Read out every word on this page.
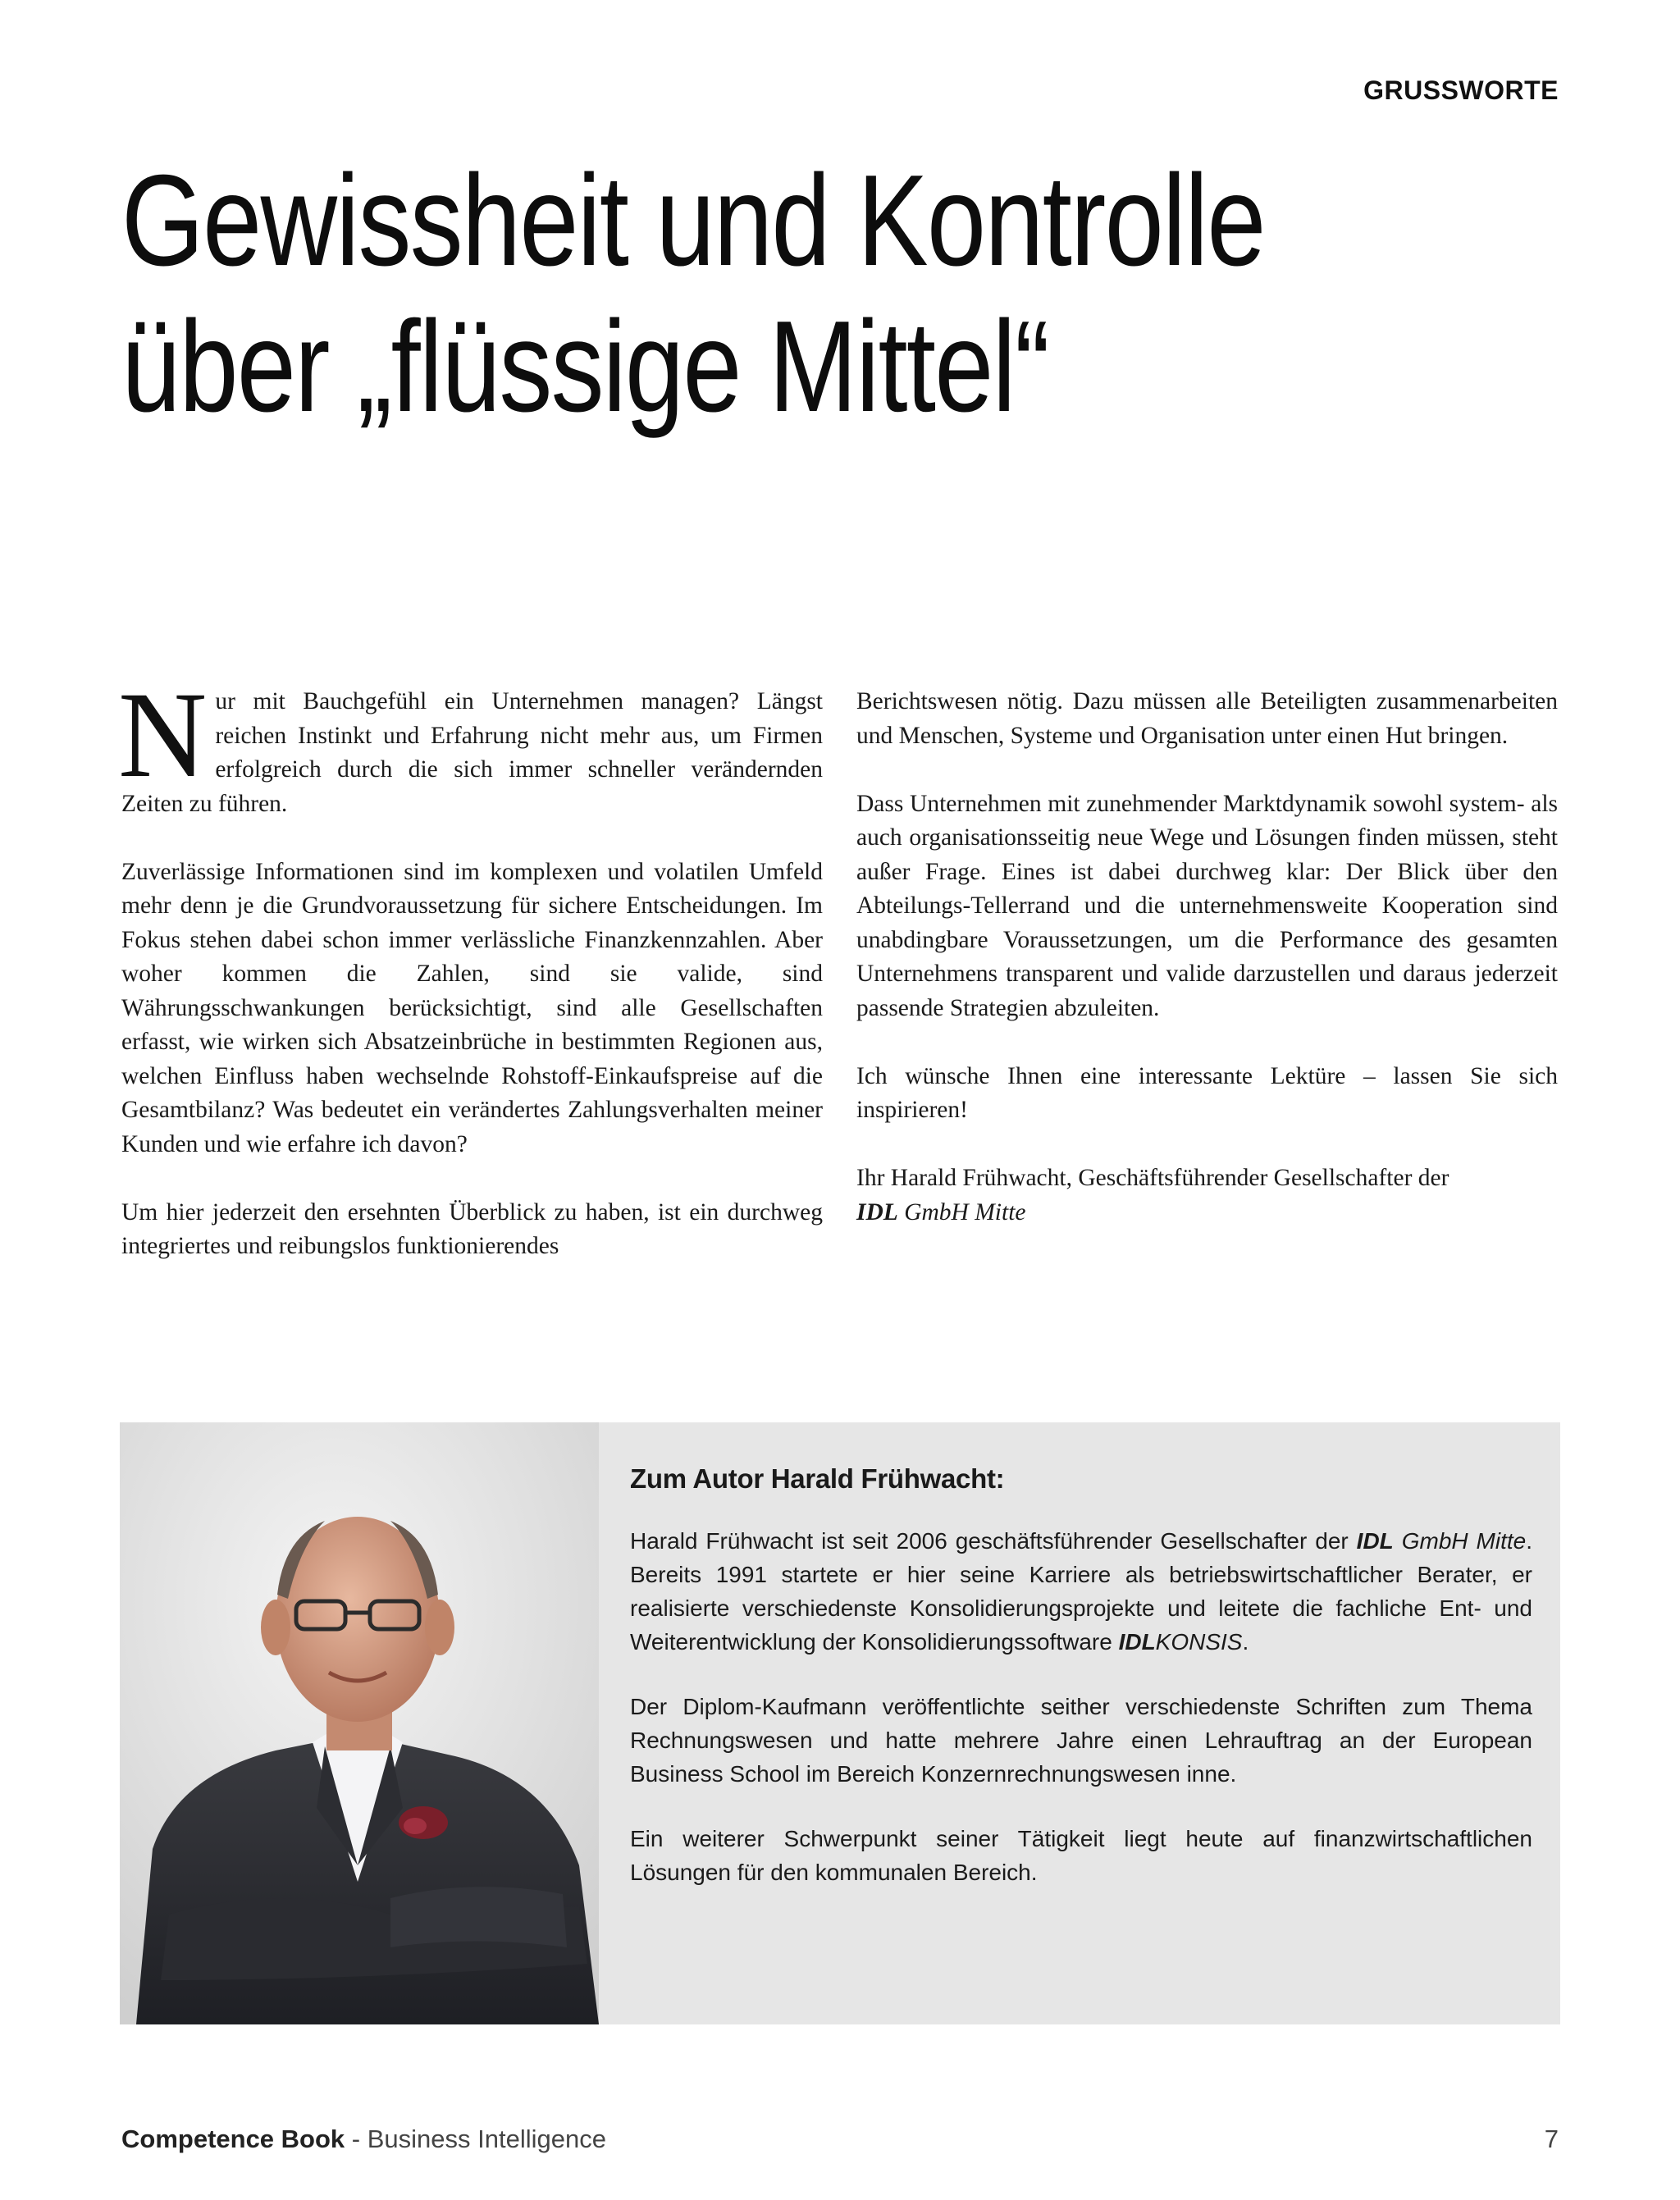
GRUSSWORTE
Gewissheit und Kontrolle
über „flüssige Mittel“

Nur mit Bauchgefühl ein Unternehmen managen? Längst reichen Instinkt und Erfahrung nicht mehr aus, um Firmen erfolgreich durch die sich immer schneller verändernden Zeiten zu führen.

Zuverlässige Informationen sind im komplexen und volatilen Umfeld mehr denn je die Grundvoraussetzung für sichere Entscheidungen. Im Fokus stehen dabei schon immer verlässliche Finanzkennzahlen. Aber woher kommen die Zahlen, sind sie valide, sind Währungsschwankungen berücksichtigt, sind alle Gesellschaften erfasst, wie wirken sich Absatzeinbrüche in bestimmten Regionen aus, welchen Einfluss haben wechselnde Rohstoff-Einkaufspreise auf die Gesamtbilanz? Was bedeutet ein verändertes Zahlungsverhalten meiner Kunden und wie erfahre ich davon?

Um hier jederzeit den ersehnten Überblick zu haben, ist ein durchweg integriertes und reibungslos funktionierendes

Berichtswesen nötig. Dazu müssen alle Beteiligten zusammenarbeiten und Menschen, Systeme und Organisation unter einen Hut bringen.

Dass Unternehmen mit zunehmender Marktdynamik sowohl system- als auch organisationsseitig neue Wege und Lösungen finden müssen, steht außer Frage. Eines ist dabei durchweg klar: Der Blick über den Abteilungs-Tellerrand und die unternehmensweite Kooperation sind unabdingbare Voraussetzungen, um die Performance des gesamten Unternehmens transparent und valide darzustellen und daraus jederzeit passende Strategien abzuleiten.

Ich wünsche Ihnen eine interessante Lektüre – lassen Sie sich inspirieren!

Ihr Harald Frühwacht, Geschäftsführender Gesellschafter der
IDL GmbH Mitte

Zum Autor Harald Frühwacht:

Harald Frühwacht ist seit 2006 geschäftsführender Gesellschafter der IDL GmbH Mitte. Bereits 1991 startete er hier seine Karriere als betriebswirtschaftlicher Berater, er realisierte verschiedenste Konsolidierungsprojekte und leitete die fachliche Ent- und Weiterentwicklung der Konsolidierungssoftware IDLKONSIS.

Der Diplom-Kaufmann veröffentlichte seither verschiedenste Schriften zum Thema Rechnungswesen und hatte mehrere Jahre einen Lehrauftrag an der European Business School im Bereich Konzernrechnungswesen inne.

Ein weiterer Schwerpunkt seiner Tätigkeit liegt heute auf finanzwirtschaftlichen Lösungen für den kommunalen Bereich.

Competence Book - Business Intelligence	7
